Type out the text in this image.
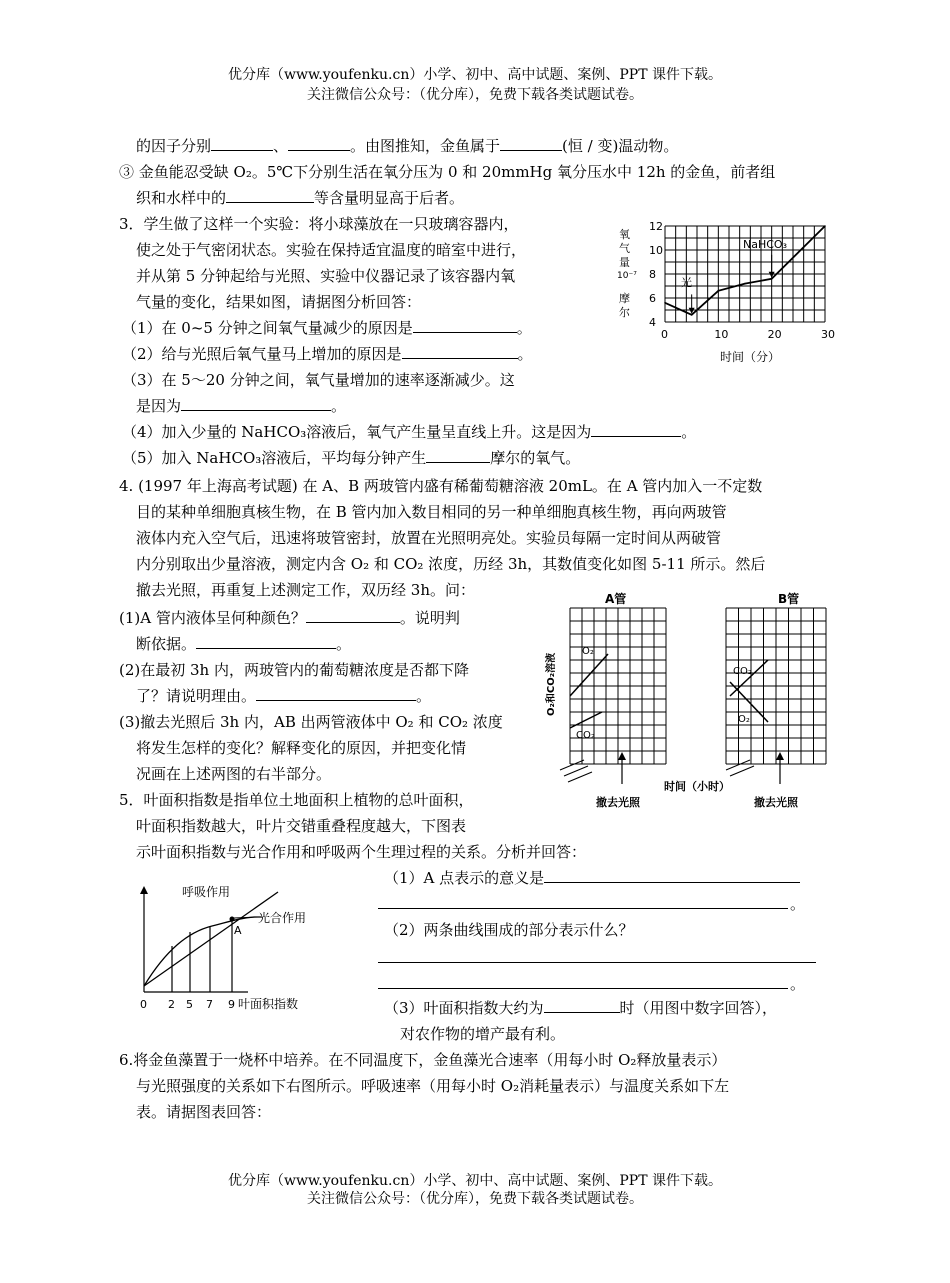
优分库（www.youfenku.cn）小学、初中、高中试题、案例、PPT 课件下载。
关注微信公众号：（优分库），免费下载各类试题试卷。
的因子分别	、	。由图推知，金鱼属于	(恒 / 变)温动物。
③ 金鱼能忍受缺 O₂。5℃下分别生活在氧分压为 0 和 20mmHg 氧分压水中 12h 的金鱼，前者组
织和水样中的	等含量明显高于后者。
3．学生做了这样一个实验：将小球藻放在一只玻璃容器内，
使之处于气密闭状态。实验在保持适宜温度的暗室中进行，
并从第 5 分钟起给与光照、实验中仪器记录了该容器内氧
气量的变化，结果如图，请据图分析回答：
（1）在 0~5 分钟之间氧气量减少的原因是	。
（2）给与光照后氧气量马上增加的原因是	。
（3）在 5～20 分钟之间，氧气量增加的速率逐渐减少。这
是因为	。
（4）加入少量的 NaHCO₃溶液后，氧气产生量呈直线上升。这是因为	。
（5）加入 NaHCO₃溶液后，平均每分钟产生	摩尔的氧气。
4
6
8
10
12
0	10	20	30
氧
气
量
10⁻⁷
摩
尔
时间（分）
光
NaHCO₃
4. (1997 年上海高考试题) 在 A、B 两玻管内盛有稀葡萄糖溶液 20mL。在 A 管内加入一不定数
目的某种单细胞真核生物，在 B 管内加入数目相同的另一种单细胞真核生物，再向两玻管
液体内充入空气后，迅速将玻管密封，放置在光照明亮处。实验员每隔一定时间从两破管
内分别取出少量溶液，测定内含 O₂ 和 CO₂ 浓度，历经 3h，其数值变化如图 5-11 所示。然后
撤去光照，再重复上述测定工作，双历经 3h。问：
(1)A 管内液体呈何种颜色？	。说明判
断依据。	。
(2)在最初 3h 内，两玻管内的葡萄糖浓度是否都下降
了？请说明理由。	。
(3)撤去光照后 3h 内，AB 出两管液体中 O₂ 和 CO₂ 浓度
将发生怎样的变化？解释变化的原因，并把变化情
况画在上述两图的右半部分。
A管	B管
O₂和CO₂溶液
O₂
CO₂
CO₂
O₂
时间（小时）
撤去光照	撤去光照
5．叶面积指数是指单位土地面积上植物的总叶面积，
叶面积指数越大，叶片交错重叠程度越大，下图表
示叶面积指数与光合作用和呼吸两个生理过程的关系。分析并回答：
（1）A 点表示的意义是
。
（2）两条曲线围成的部分表示什么？
。
（3）叶面积指数大约为	时（用图中数字回答），
对农作物的增产最有利。
呼吸作用
光合作用
A
0 2 5 7 9 叶面积指数
6.将金鱼藻置于一烧杯中培养。在不同温度下，金鱼藻光合速率（用每小时 O₂释放量表示）
与光照强度的关系如下右图所示。呼吸速率（用每小时 O₂消耗量表示）与温度关系如下左
表。请据图表回答：
优分库（www.youfenku.cn）小学、初中、高中试题、案例、PPT 课件下载。
关注微信公众号：（优分库），免费下载各类试题试卷。
